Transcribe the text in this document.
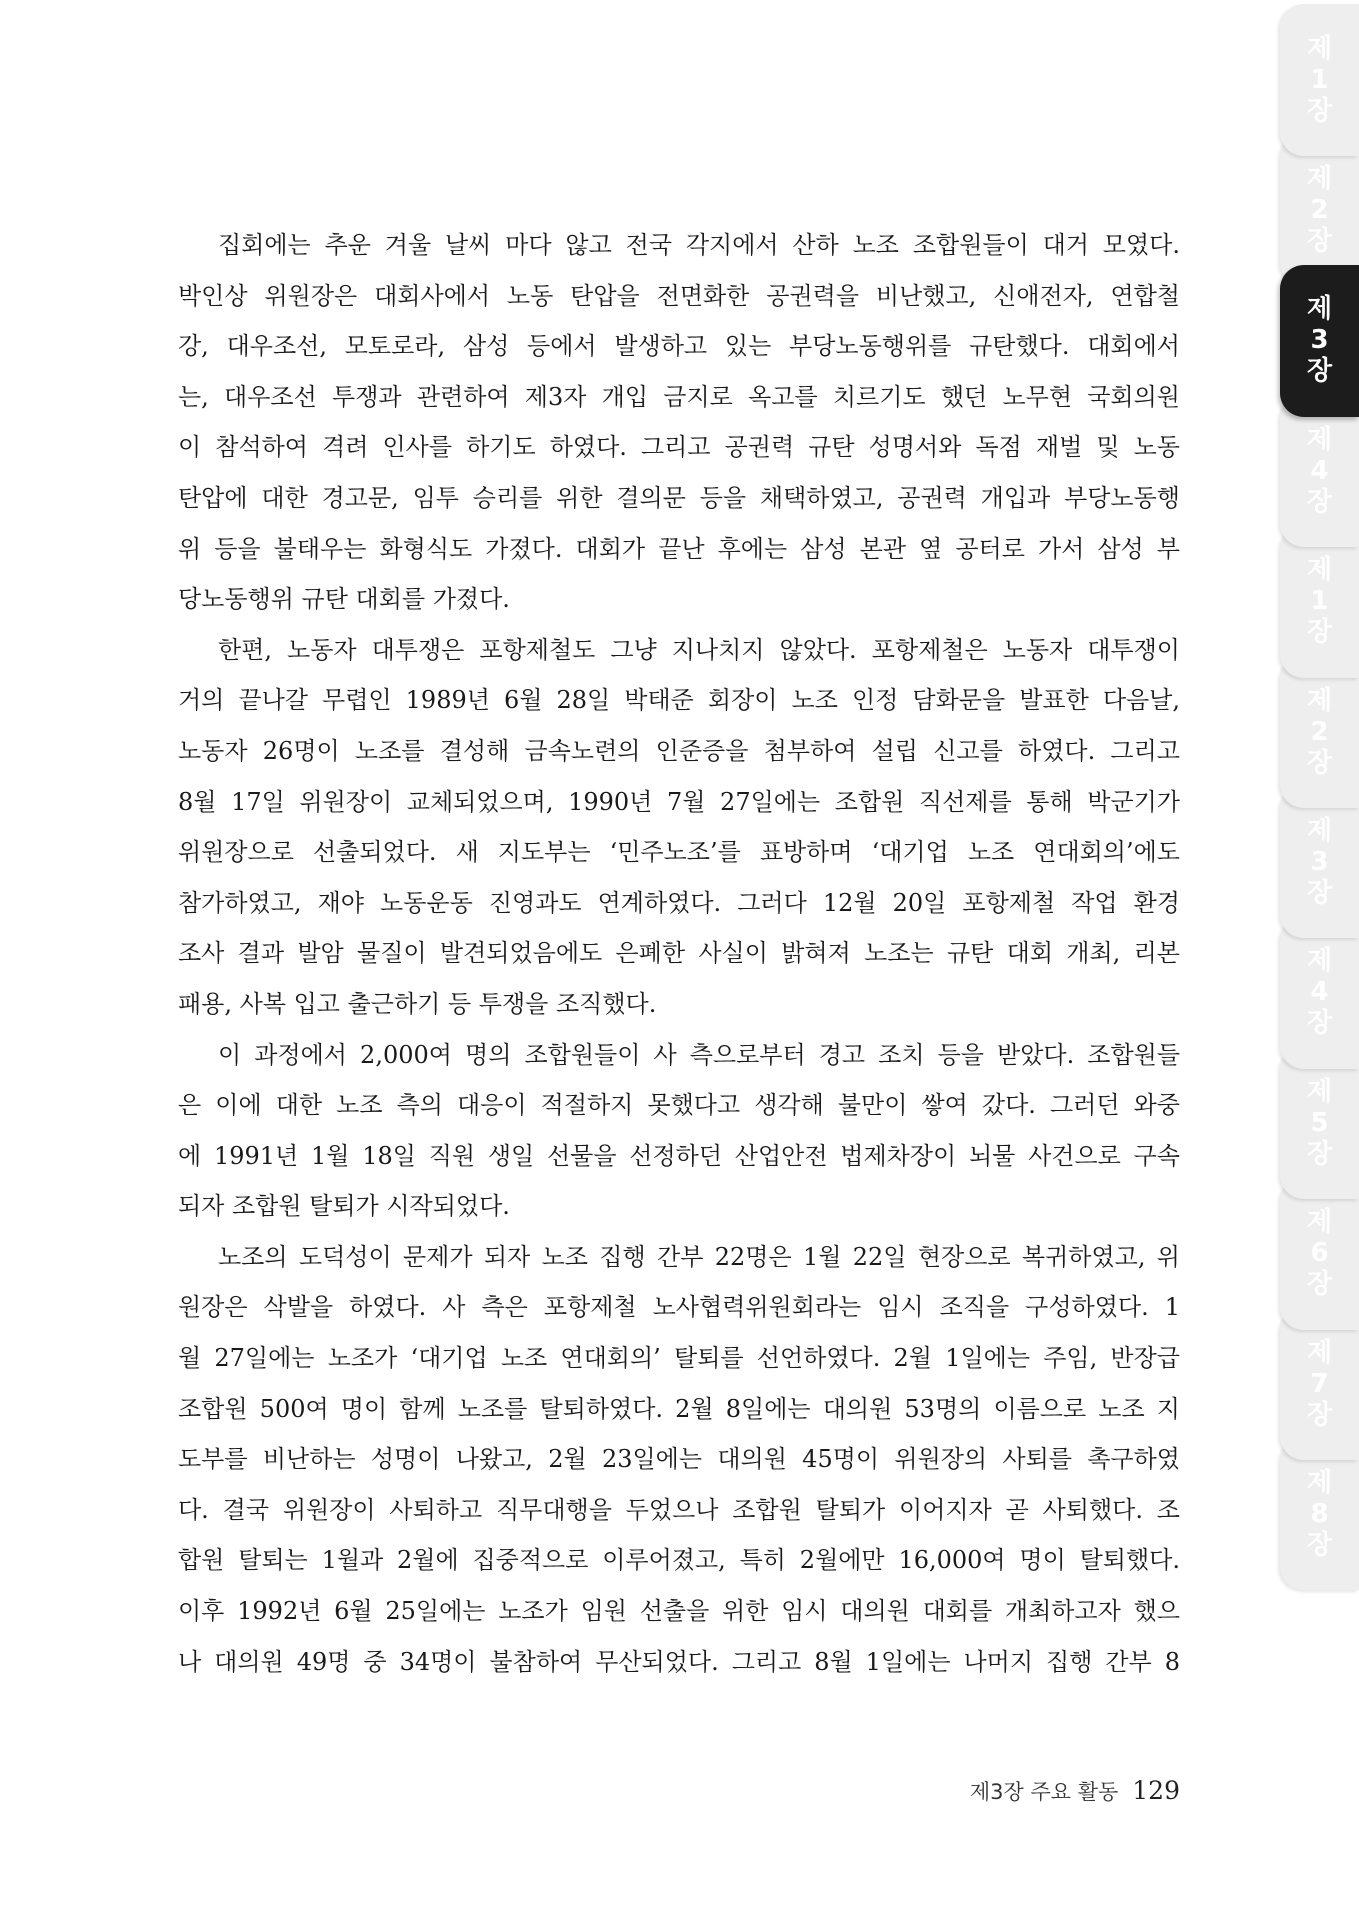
집회에는 추운 겨울 날씨 마다 않고 전국 각지에서 산하 노조 조합원들이 대거 모였다.
박인상 위원장은 대회사에서 노동 탄압을 전면화한 공권력을 비난했고, 신애전자, 연합철
강, 대우조선, 모토로라, 삼성 등에서 발생하고 있는 부당노동행위를 규탄했다. 대회에서
는, 대우조선 투쟁과 관련하여 제3자 개입 금지로 옥고를 치르기도 했던 노무현 국회의원
이 참석하여 격려 인사를 하기도 하였다. 그리고 공권력 규탄 성명서와 독점 재벌 및 노동
탄압에 대한 경고문, 임투 승리를 위한 결의문 등을 채택하였고, 공권력 개입과 부당노동행
위 등을 불태우는 화형식도 가졌다. 대회가 끝난 후에는 삼성 본관 옆 공터로 가서 삼성 부
당노동행위 규탄 대회를 가졌다.
한편, 노동자 대투쟁은 포항제철도 그냥 지나치지 않았다. 포항제철은 노동자 대투쟁이
거의 끝나갈 무렵인 1989년 6월 28일 박태준 회장이 노조 인정 담화문을 발표한 다음날,
노동자 26명이 노조를 결성해 금속노련의 인준증을 첨부하여 설립 신고를 하였다. 그리고
8월 17일 위원장이 교체되었으며, 1990년 7월 27일에는 조합원 직선제를 통해 박군기가
위원장으로 선출되었다. 새 지도부는 ‘민주노조’를 표방하며 ‘대기업 노조 연대회의’에도
참가하였고, 재야 노동운동 진영과도 연계하였다. 그러다 12월 20일 포항제철 작업 환경
조사 결과 발암 물질이 발견되었음에도 은폐한 사실이 밝혀져 노조는 규탄 대회 개최, 리본
패용, 사복 입고 출근하기 등 투쟁을 조직했다.
이 과정에서 2,000여 명의 조합원들이 사 측으로부터 경고 조치 등을 받았다. 조합원들
은 이에 대한 노조 측의 대응이 적절하지 못했다고 생각해 불만이 쌓여 갔다. 그러던 와중
에 1991년 1월 18일 직원 생일 선물을 선정하던 산업안전 법제차장이 뇌물 사건으로 구속
되자 조합원 탈퇴가 시작되었다.
노조의 도덕성이 문제가 되자 노조 집행 간부 22명은 1월 22일 현장으로 복귀하였고, 위
원장은 삭발을 하였다. 사 측은 포항제철 노사협력위원회라는 임시 조직을 구성하였다. 1
월 27일에는 노조가 ‘대기업 노조 연대회의’ 탈퇴를 선언하였다. 2월 1일에는 주임, 반장급
조합원 500여 명이 함께 노조를 탈퇴하였다. 2월 8일에는 대의원 53명의 이름으로 노조 지
도부를 비난하는 성명이 나왔고, 2월 23일에는 대의원 45명이 위원장의 사퇴를 촉구하였
다. 결국 위원장이 사퇴하고 직무대행을 두었으나 조합원 탈퇴가 이어지자 곧 사퇴했다. 조
합원 탈퇴는 1월과 2월에 집중적으로 이루어졌고, 특히 2월에만 16,000여 명이 탈퇴했다.
이후 1992년 6월 25일에는 노조가 임원 선출을 위한 임시 대의원 대회를 개최하고자 했으
나 대의원 49명 중 34명이 불참하여 무산되었다. 그리고 8월 1일에는 나머지 집행 간부 8
제3장 주요 활동 129
제
1
장
제
2
장
제
3
장
제
4
장
제
1
장
제
2
장
제
3
장
제
4
장
제
5
장
제
6
장
제
7
장
제
8
장
